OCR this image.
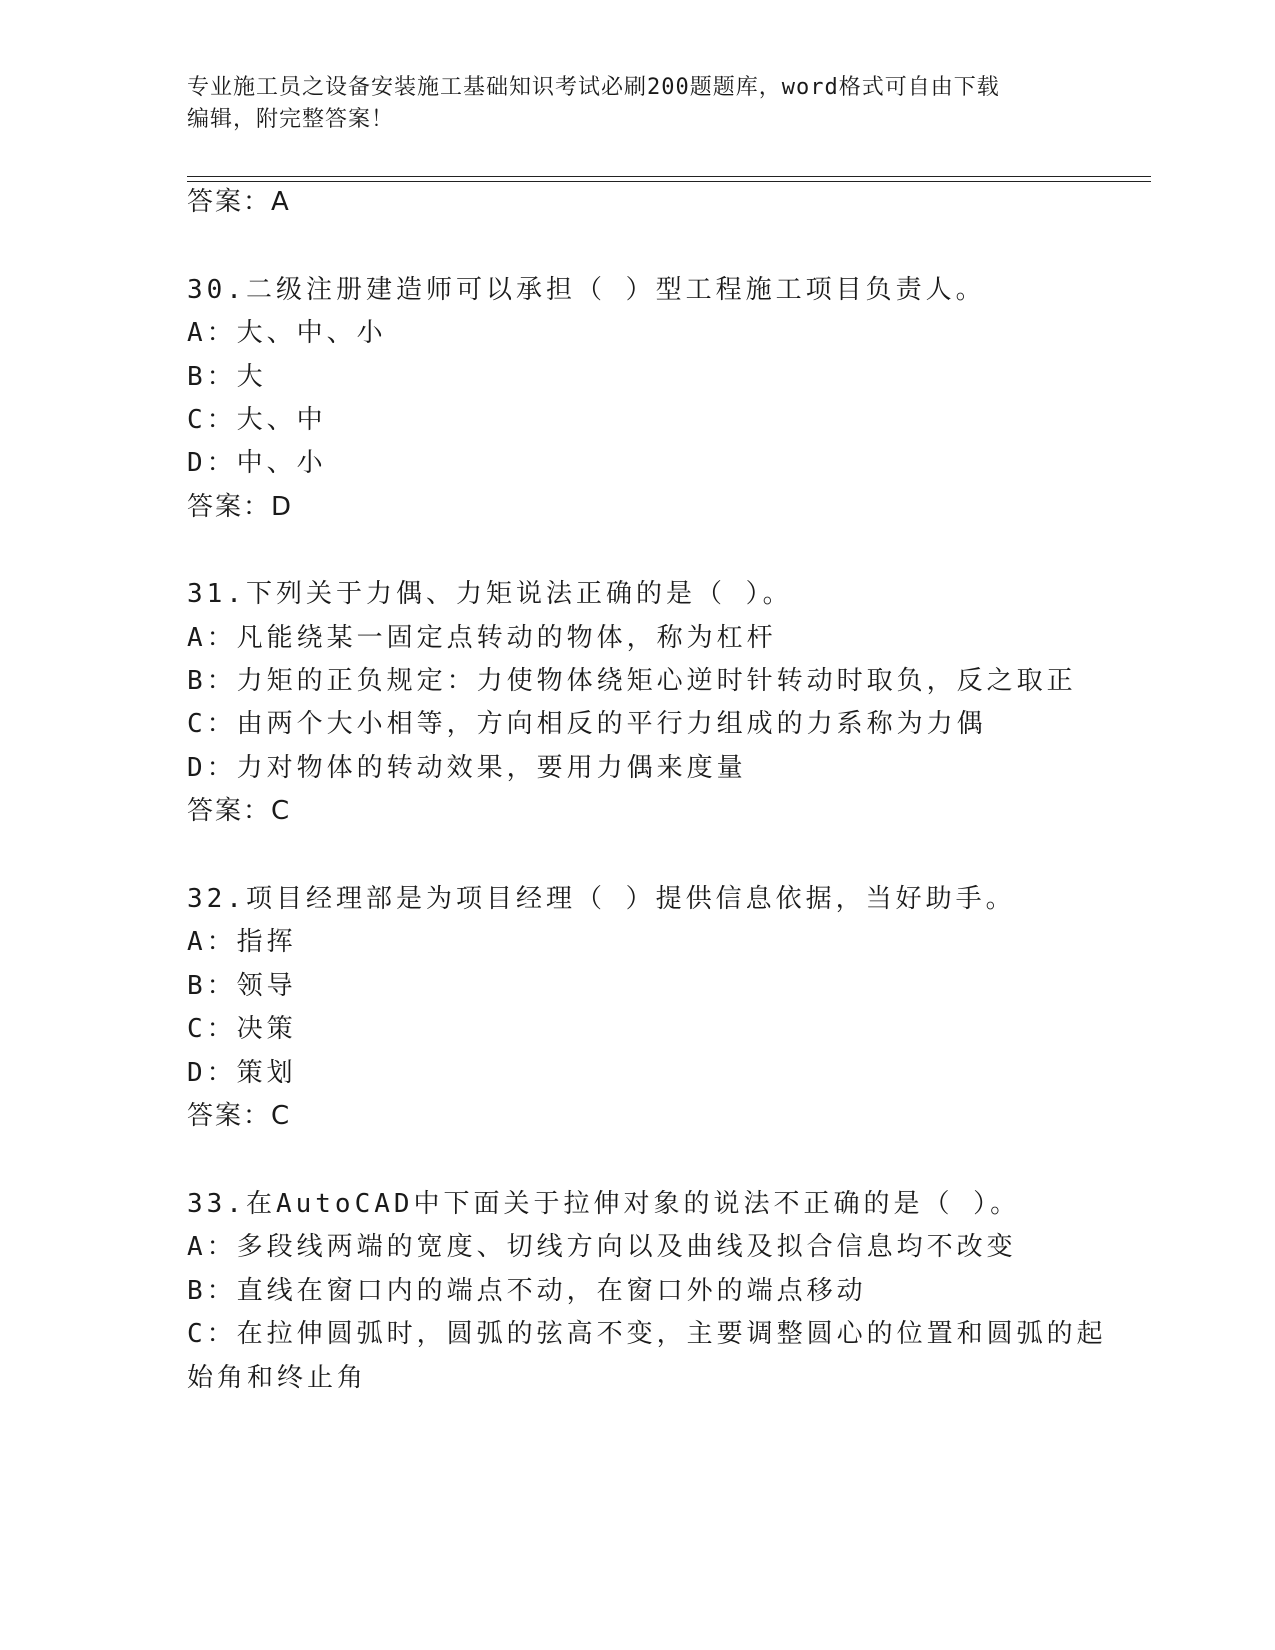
专业施工员之设备安装施工基础知识考试必刷200题题库，word格式可自由下载
编辑，附完整答案！
答案：A
30.二级注册建造师可以承担（ ）型工程施工项目负责人。
A：大、中、小
B：大
C：大、中
D：中、小
答案：D
31.下列关于力偶、力矩说法正确的是（ ）。
A：凡能绕某一固定点转动的物体，称为杠杆
B：力矩的正负规定：力使物体绕矩心逆时针转动时取负，反之取正
C：由两个大小相等，方向相反的平行力组成的力系称为力偶
D：力对物体的转动效果，要用力偶来度量
答案：C
32.项目经理部是为项目经理（ ）提供信息依据，当好助手。
A：指挥
B：领导
C：决策
D：策划
答案：C
33.在AutoCAD中下面关于拉伸对象的说法不正确的是（ ）。
A：多段线两端的宽度、切线方向以及曲线及拟合信息均不改变
B：直线在窗口内的端点不动，在窗口外的端点移动
C：在拉伸圆弧时，圆弧的弦高不变，主要调整圆心的位置和圆弧的起
始角和终止角
